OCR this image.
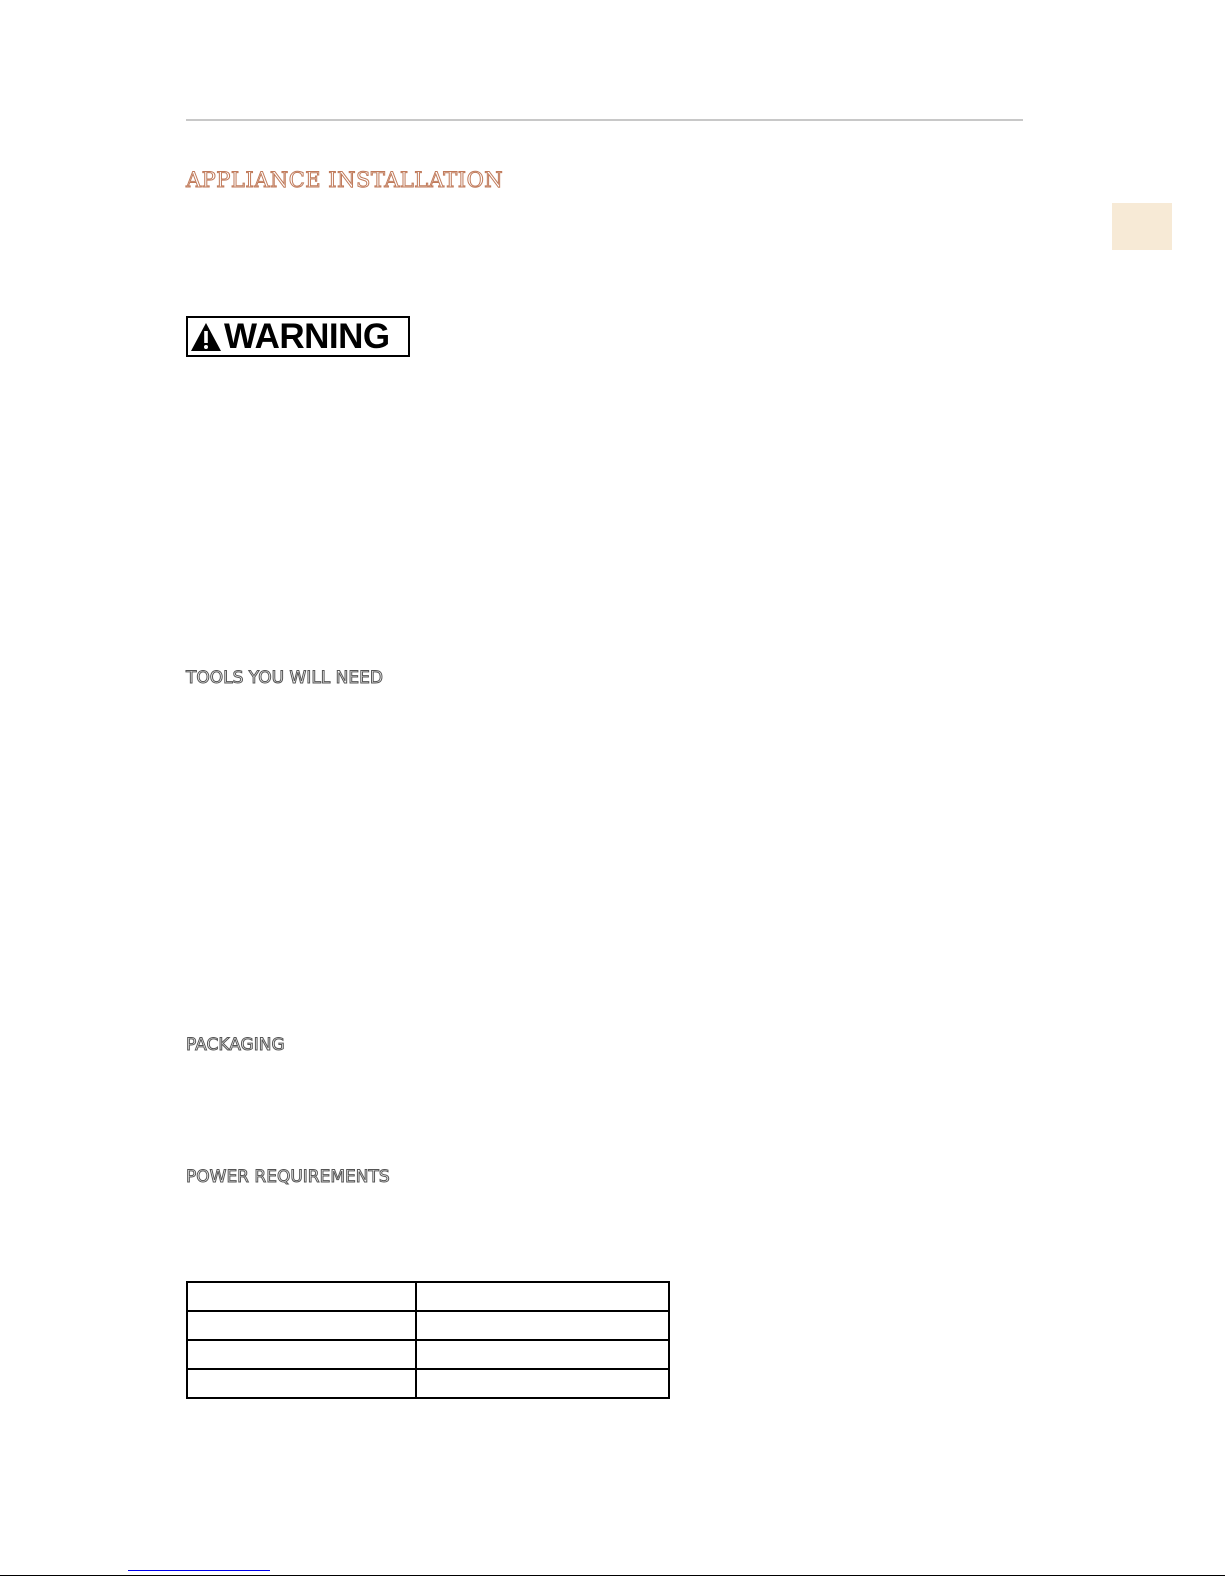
APPLIANCE INSTALLATION
WARNING
TOOLS YOU WILL NEED
PACKAGING
POWER REQUIREMENTS
